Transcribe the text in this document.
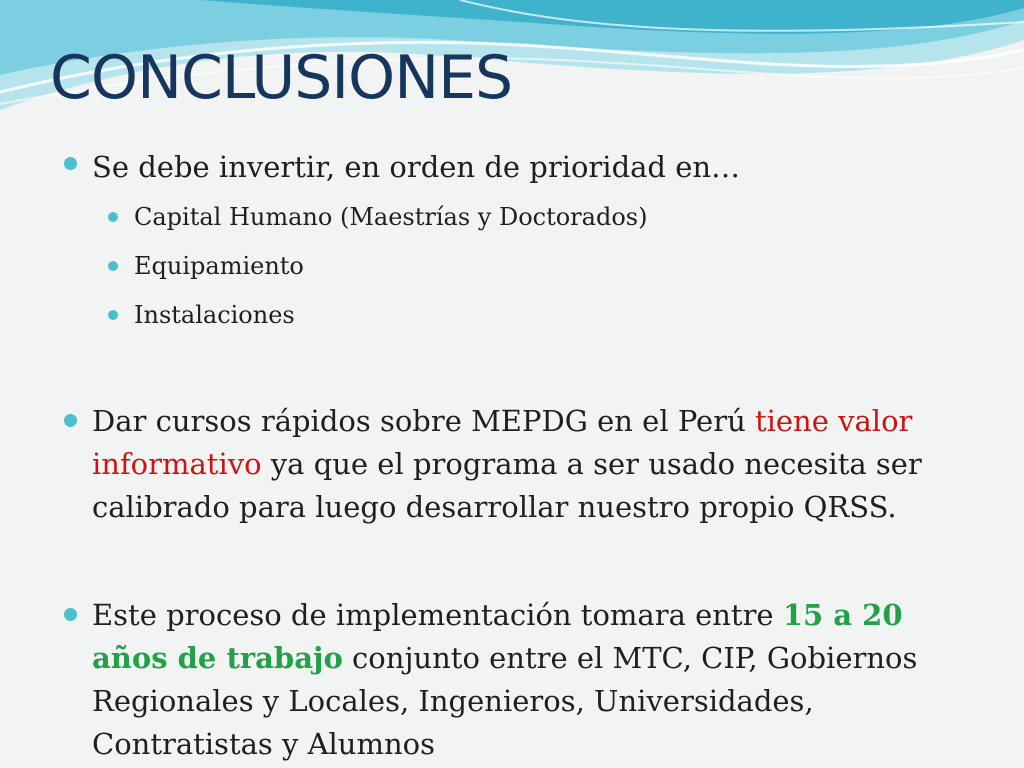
CONCLUSIONES
Se debe invertir, en orden de prioridad en…
Capital Humano (Maestrías y Doctorados)
Equipamiento
Instalaciones
Dar cursos rápidos sobre MEPDG en el Perú tiene valor informativo ya que el programa a ser usado necesita ser calibrado para luego desarrollar nuestro propio QRSS.
Este proceso de implementación tomara entre 15 a 20 años de trabajo conjunto entre el MTC, CIP, Gobiernos Regionales y Locales, Ingenieros, Universidades, Contratistas y Alumnos
